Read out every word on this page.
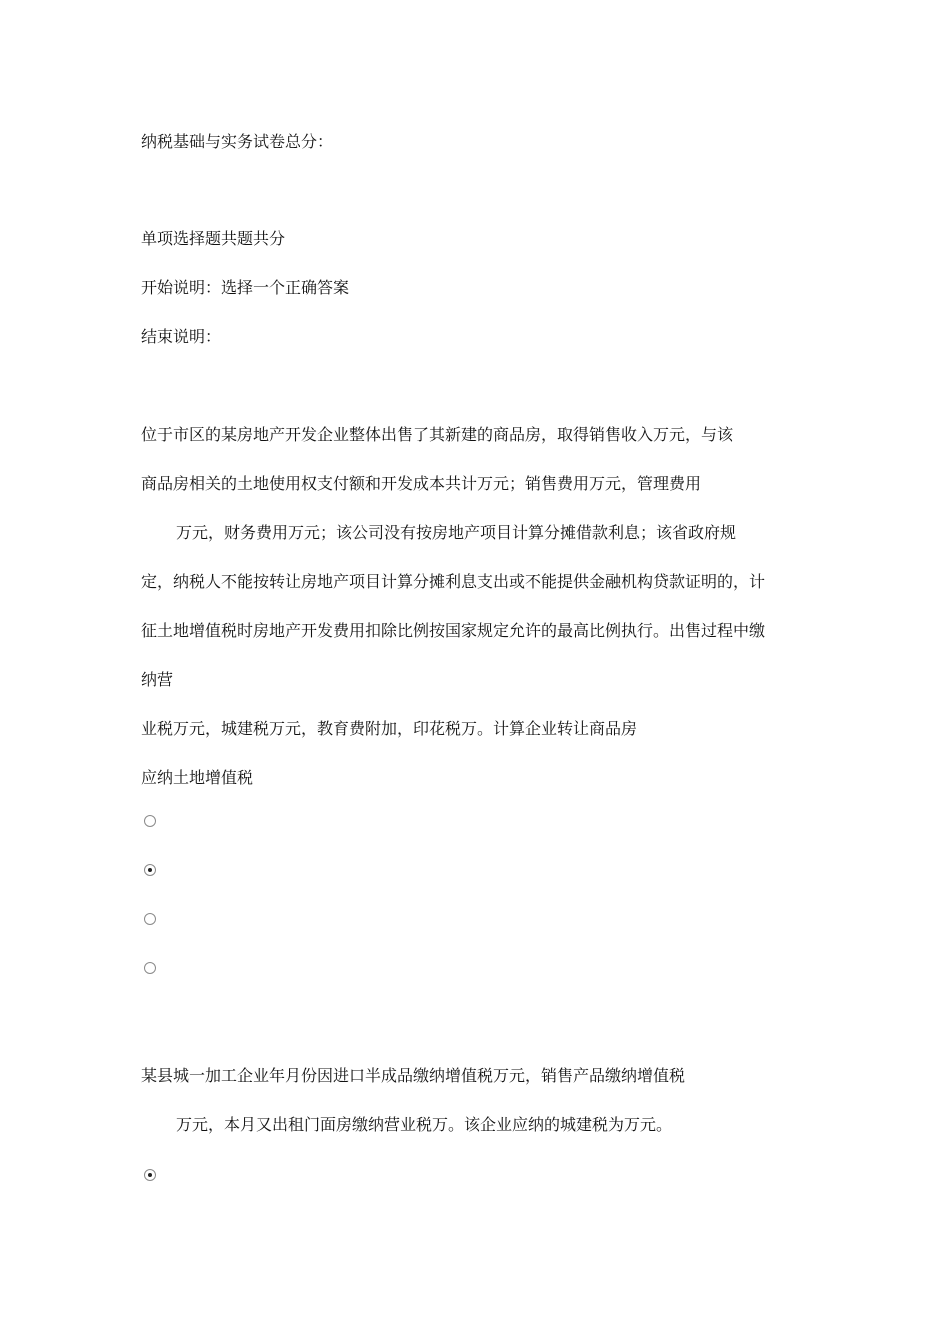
纳税基础与实务试卷总分：
单项选择题共题共分
开始说明：选择一个正确答案
结束说明：
位于市区的某房地产开发企业整体出售了其新建的商品房，取得销售收入万元，与该
商品房相关的土地使用权支付额和开发成本共计万元；销售费用万元，管理费用
万元，财务费用万元；该公司没有按房地产项目计算分摊借款利息；该省政府规
定，纳税人不能按转让房地产项目计算分摊利息支出或不能提供金融机构贷款证明的，计
征土地增值税时房地产开发费用扣除比例按国家规定允许的最高比例执行。出售过程中缴
纳营
业税万元，城建税万元，教育费附加，印花税万。计算企业转让商品房
应纳土地增值税
某县城一加工企业年月份因进口半成品缴纳增值税万元，销售产品缴纳增值税
万元，本月又出租门面房缴纳营业税万。该企业应纳的城建税为万元。
